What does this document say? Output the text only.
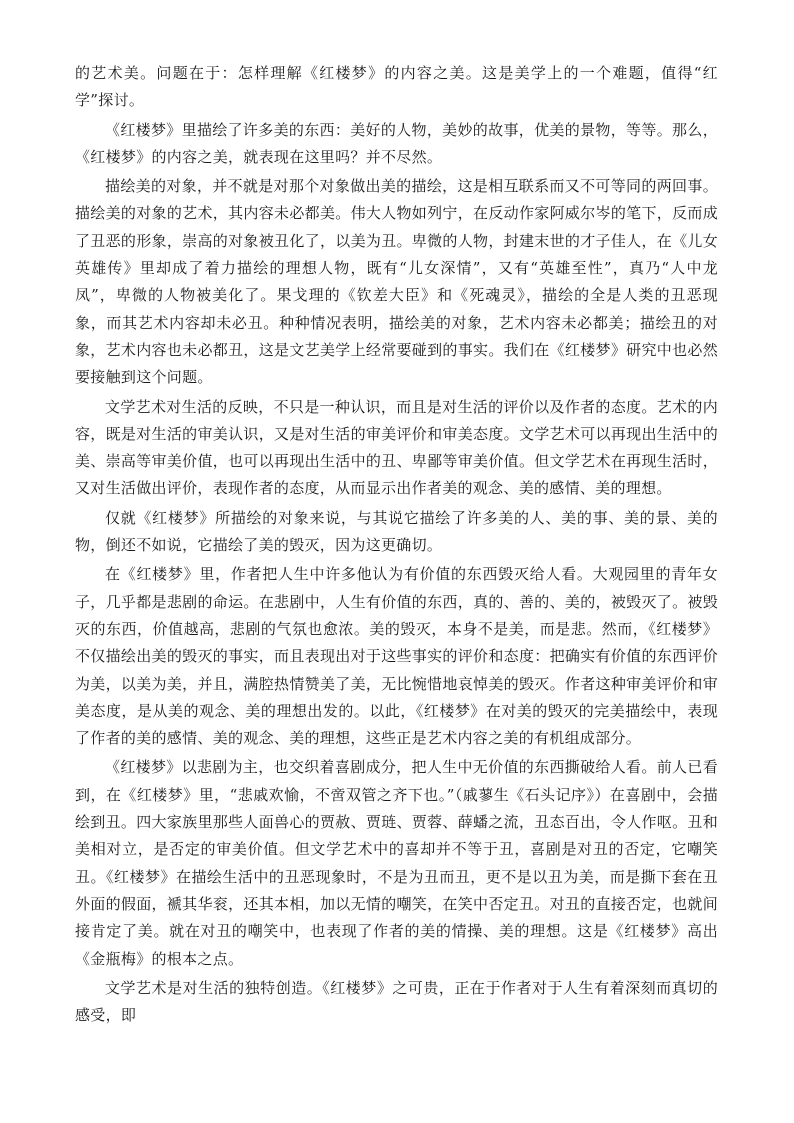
的艺术美。问题在于：怎样理解《红楼梦》的内容之美。这是美学上的一个难题，值得“红学”探讨。

《红楼梦》里描绘了许多美的东西：美好的人物，美妙的故事，优美的景物，等等。那么，《红楼梦》的内容之美，就表现在这里吗？并不尽然。

描绘美的对象，并不就是对那个对象做出美的描绘，这是相互联系而又不可等同的两回事。描绘美的对象的艺术，其内容未必都美。伟大人物如列宁，在反动作家阿威尔岑的笔下，反而成了丑恶的形象，崇高的对象被丑化了，以美为丑。卑微的人物，封建末世的才子佳人，在《儿女英雄传》里却成了着力描绘的理想人物，既有“儿女深情”，又有“英雄至性”，真乃“人中龙凤”，卑微的人物被美化了。果戈理的《钦差大臣》和《死魂灵》，描绘的全是人类的丑恶现象，而其艺术内容却未必丑。种种情况表明，描绘美的对象，艺术内容未必都美；描绘丑的对象，艺术内容也未必都丑，这是文艺美学上经常要碰到的事实。我们在《红楼梦》研究中也必然要接触到这个问题。

文学艺术对生活的反映，不只是一种认识，而且是对生活的评价以及作者的态度。艺术的内容，既是对生活的审美认识，又是对生活的审美评价和审美态度。文学艺术可以再现出生活中的美、崇高等审美价值，也可以再现出生活中的丑、卑鄙等审美价值。但文学艺术在再现生活时，又对生活做出评价，表现作者的态度，从而显示出作者美的观念、美的感情、美的理想。

仅就《红楼梦》所描绘的对象来说，与其说它描绘了许多美的人、美的事、美的景、美的物，倒还不如说，它描绘了美的毁灭，因为这更确切。

在《红楼梦》里，作者把人生中许多他认为有价值的东西毁灭给人看。大观园里的青年女子，几乎都是悲剧的命运。在悲剧中，人生有价值的东西，真的、善的、美的，被毁灭了。被毁灭的东西，价值越高，悲剧的气氛也愈浓。美的毁灭，本身不是美，而是悲。然而，《红楼梦》不仅描绘出美的毁灭的事实，而且表现出对于这些事实的评价和态度：把确实有价值的东西评价为美，以美为美，并且，满腔热情赞美了美，无比惋惜地哀悼美的毁灭。作者这种审美评价和审美态度，是从美的观念、美的理想出发的。以此，《红楼梦》在对美的毁灭的完美描绘中，表现了作者的美的感情、美的观念、美的理想，这些正是艺术内容之美的有机组成部分。

《红楼梦》以悲剧为主，也交织着喜剧成分，把人生中无价值的东西撕破给人看。前人已看到，在《红楼梦》里，“悲戚欢愉，不啻双管之齐下也。”（戚蓼生《石头记序》）在喜剧中，会描绘到丑。四大家族里那些人面兽心的贾赦、贾琏、贾蓉、薛蟠之流，丑态百出，令人作呕。丑和美相对立，是否定的审美价值。但文学艺术中的喜却并不等于丑，喜剧是对丑的否定，它嘲笑丑。《红楼梦》在描绘生活中的丑恶现象时，不是为丑而丑，更不是以丑为美，而是撕下套在丑外面的假面，褫其华衮，还其本相，加以无情的嘲笑，在笑中否定丑。对丑的直接否定，也就间接肯定了美。就在对丑的嘲笑中，也表现了作者的美的情操、美的理想。这是《红楼梦》高出《金瓶梅》的根本之点。

文学艺术是对生活的独特创造。《红楼梦》之可贵，正在于作者对于人生有着深刻而真切的感受，即
